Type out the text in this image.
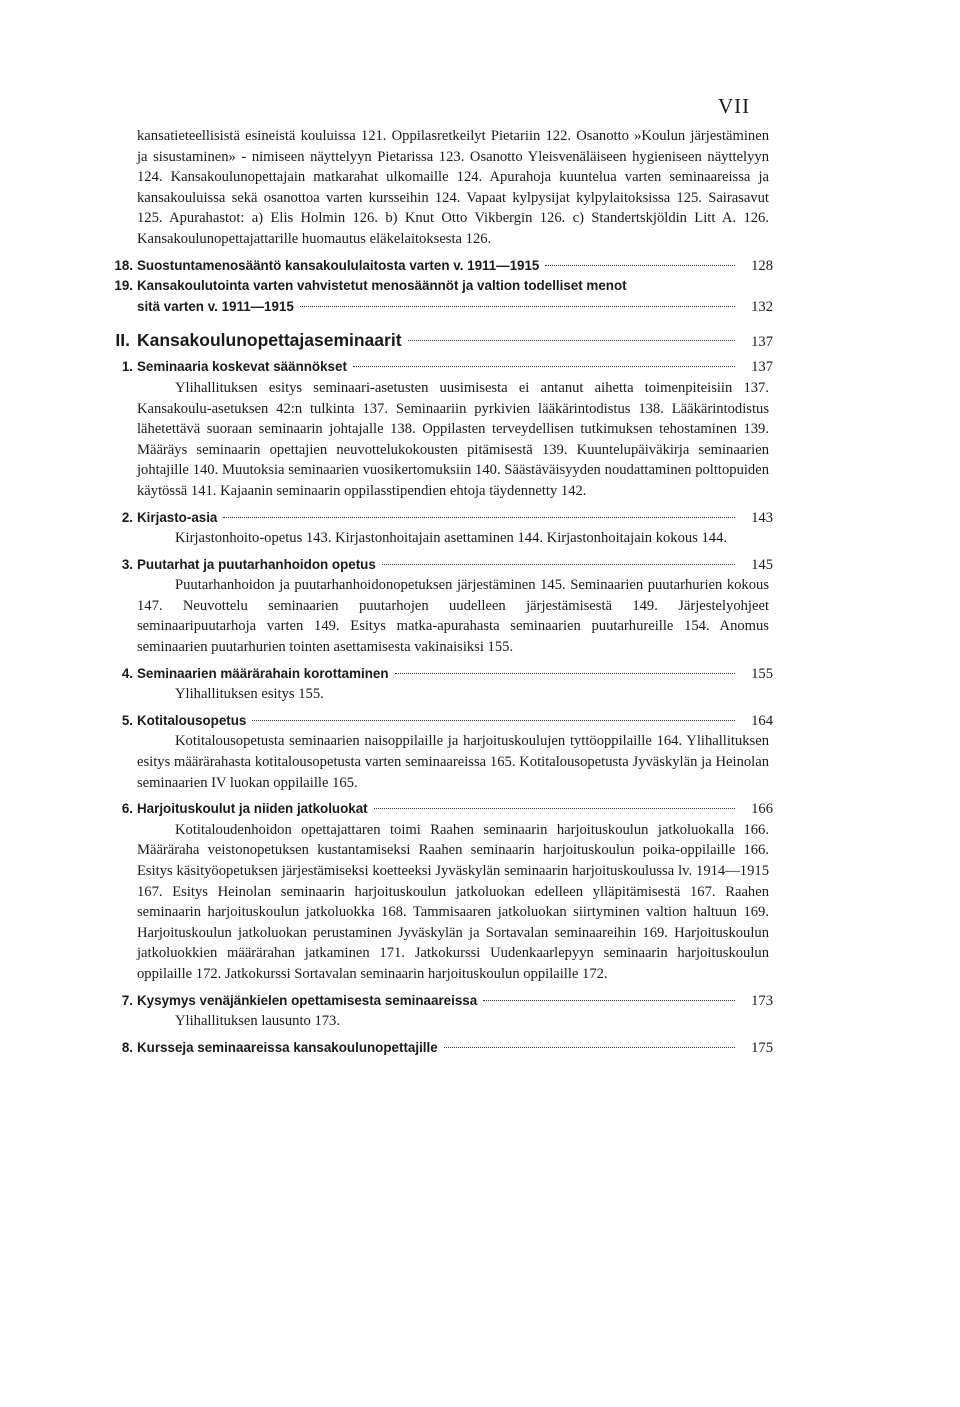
VII

kansatieteellisistä esineistä kouluissa 121. Oppilasretkeilyt Pietariin 122. Osanotto »Koulun järjestäminen ja sisustaminen» - nimiseen näyttelyyn Pietarissa 123. Osanotto Yleisvenäläiseen hygieniseen näyttelyyn 124. Kansakoulunopettajain matkarahat ulkomaille 124. Apurahoja kuuntelua varten seminaareissa ja kansakouluissa sekä osanottoa varten kursseihin 124. Vapaat kylpysijat kylpylaitoksissa 125. Sairasavut 125. Apurahastot: a) Elis Holmin 126. b) Knut Otto Vikbergin 126. c) Standertskjöldin Litt A. 126. Kansakoulunopettajattarille huomautus eläkelaitoksesta 126.

18. Suostuntamenosääntö kansakoululaitosta varten v. 1911—1915	128
19. Kansakoulutointa varten vahvistetut menosäännöt ja valtion todelliset menot
sitä varten v. 1911—1915	132
II. Kansakoulunopettajaseminaarit	137
1. Seminaaria koskevat säännökset	137

Ylihallituksen esitys seminaari-asetusten uusimisesta ei antanut aihetta toimenpiteisiin 137. Kansakoulu-asetuksen 42:n tulkinta 137. Seminaariin pyrkivien lääkärintodistus 138. Lääkärintodistus lähetettävä suoraan seminaarin johtajalle 138. Oppilasten terveydellisen tutkimuksen tehostaminen 139. Määräys seminaarin opettajien neuvottelukokousten pitämisestä 139. Kuuntelupäiväkirja seminaarien johtajille 140. Muutoksia seminaarien vuosikertomuksiin 140. Säästäväisyyden noudattaminen polttopuiden käytössä 141. Kajaanin seminaarin oppilasstipendien ehtoja täydennetty 142.

2. Kirjasto-asia	143

Kirjastonhoito-opetus 143. Kirjastonhoitajain asettaminen 144. Kirjastonhoitajain kokous 144.

3. Puutarhat ja puutarhanhoidon opetus	145

Puutarhanhoidon ja puutarhanhoidonopetuksen järjestäminen 145. Seminaarien puutarhurien kokous 147. Neuvottelu seminaarien puutarhojen uudelleen järjestämisestä 149. Järjestelyohjeet seminaaripuutarhoja varten 149. Esitys matka-apurahasta seminaarien puutarhureille 154. Anomus seminaarien puutarhurien tointen asettamisesta vakinaisiksi 155.

4. Seminaarien määrärahain korottaminen	155

Ylihallituksen esitys 155.

5. Kotitalousopetus	164

Kotitalousopetusta seminaarien naisoppilaille ja harjoituskoulujen tyttöoppilaille 164. Ylihallituksen esitys määrärahasta kotitalousopetusta varten seminaareissa 165. Kotitalousopetusta Jyväskylän ja Heinolan seminaarien IV luokan oppilaille 165.

6. Harjoituskoulut ja niiden jatkoluokat	166

Kotitaloudenhoidon opettajattaren toimi Raahen seminaarin harjoituskoulun jatkoluokalla 166. Määräraha veistonopetuksen kustantamiseksi Raahen seminaarin harjoituskoulun poika-oppilaille 166. Esitys käsityöopetuksen järjestämiseksi koetteeksi Jyväskylän seminaarin harjoituskoulussa lv. 1914—1915 167. Esitys Heinolan seminaarin harjoituskoulun jatkoluokan edelleen ylläpitämisestä 167. Raahen seminaarin harjoituskoulun jatkoluokka 168. Tammisaaren jatkoluokan siirtyminen valtion haltuun 169. Harjoituskoulun jatkoluokan perustaminen Jyväskylän ja Sortavalan seminaareihin 169. Harjoituskoulun jatkoluokkien määrärahan jatkaminen 171. Jatkokurssi Uudenkaarlepyyn seminaarin harjoituskoulun oppilaille 172. Jatkokurssi Sortavalan seminaarin harjoituskoulun oppilaille 172.

7. Kysymys venäjänkielen opettamisesta seminaareissa	173

Ylihallituksen lausunto 173.

8. Kursseja seminaareissa kansakoulunopettajille	175
